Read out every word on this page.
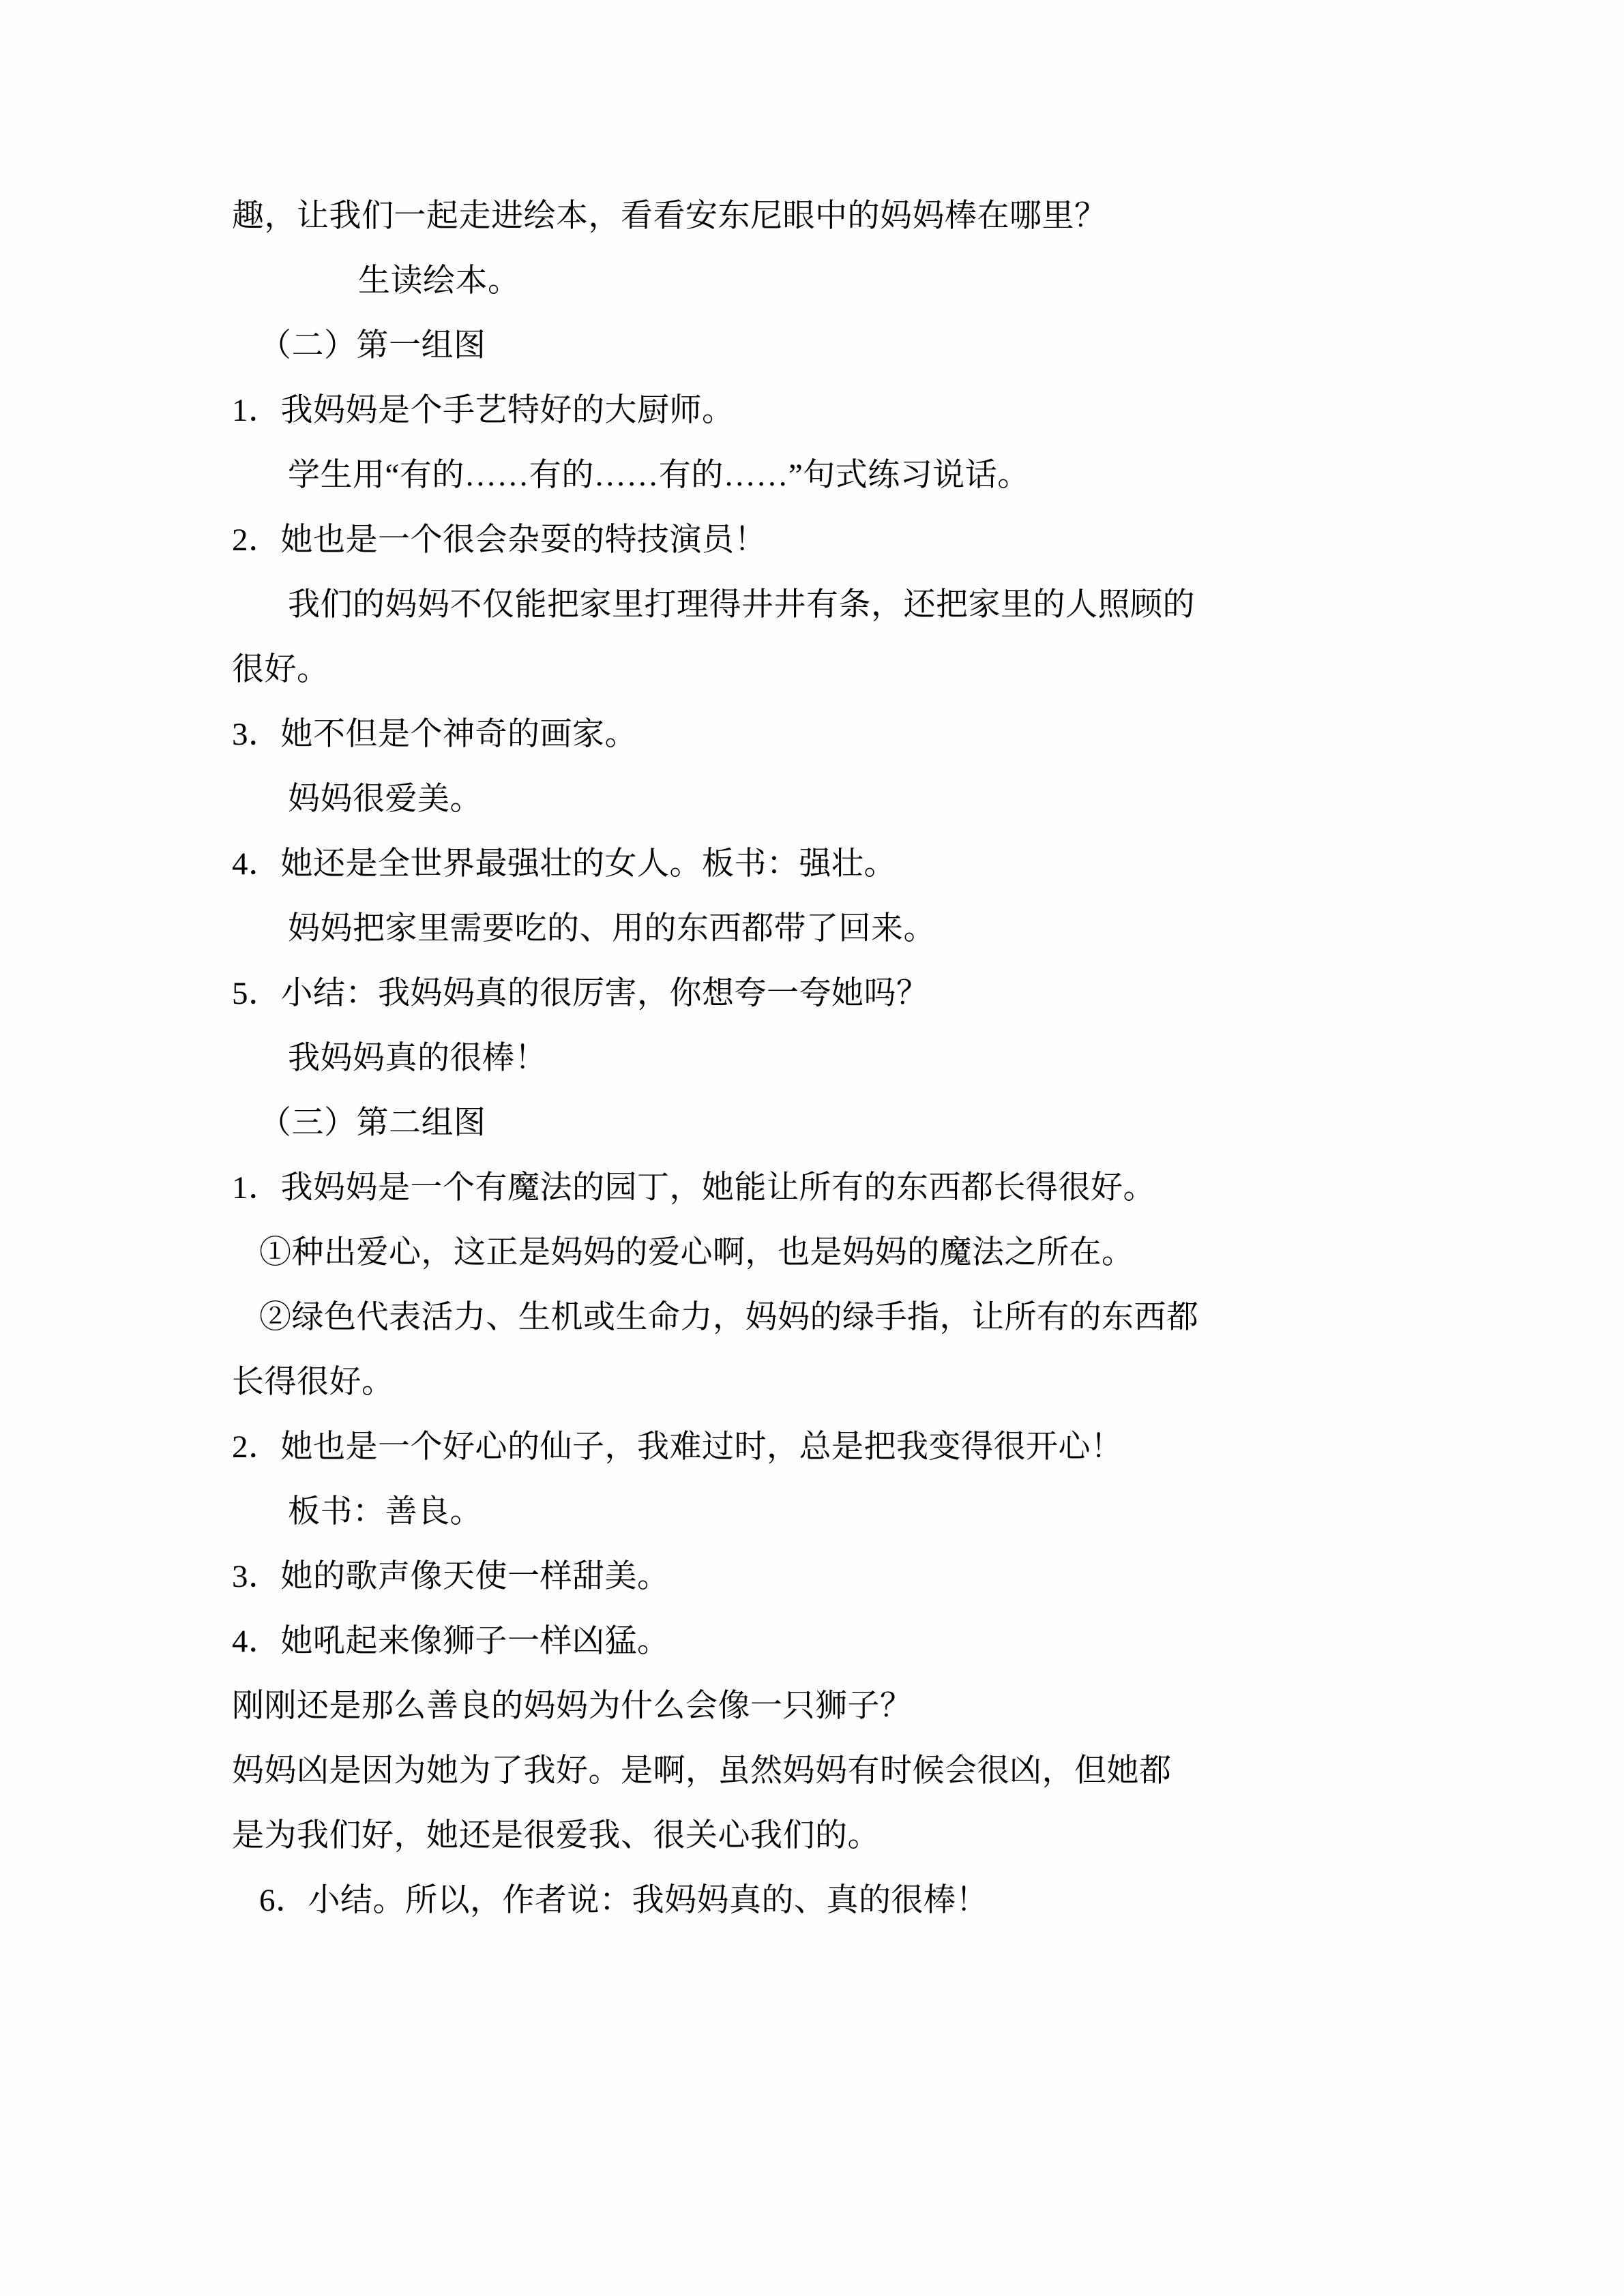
趣，让我们一起走进绘本，看看安东尼眼中的妈妈棒在哪里？
生读绘本。
（二）第一组图
1．我妈妈是个手艺特好的大厨师。
学生用“有的……有的……有的……”句式练习说话。
2．她也是一个很会杂耍的特技演员！
我们的妈妈不仅能把家里打理得井井有条，还把家里的人照顾的
很好。
3．她不但是个神奇的画家。
妈妈很爱美。
4．她还是全世界最强壮的女人。板书：强壮。
妈妈把家里需要吃的、用的东西都带了回来。
5．小结：我妈妈真的很厉害，你想夸一夸她吗？
我妈妈真的很棒！
（三）第二组图
1．我妈妈是一个有魔法的园丁，她能让所有的东西都长得很好。
①种出爱心，这正是妈妈的爱心啊，也是妈妈的魔法之所在。
②绿色代表活力、生机或生命力，妈妈的绿手指，让所有的东西都
长得很好。
2．她也是一个好心的仙子，我难过时，总是把我变得很开心！
板书：善良。
3．她的歌声像天使一样甜美。
4．她吼起来像狮子一样凶猛。
刚刚还是那么善良的妈妈为什么会像一只狮子？
妈妈凶是因为她为了我好。是啊，虽然妈妈有时候会很凶，但她都
是为我们好，她还是很爱我、很关心我们的。
6．小结。所以，作者说：我妈妈真的、真的很棒！
